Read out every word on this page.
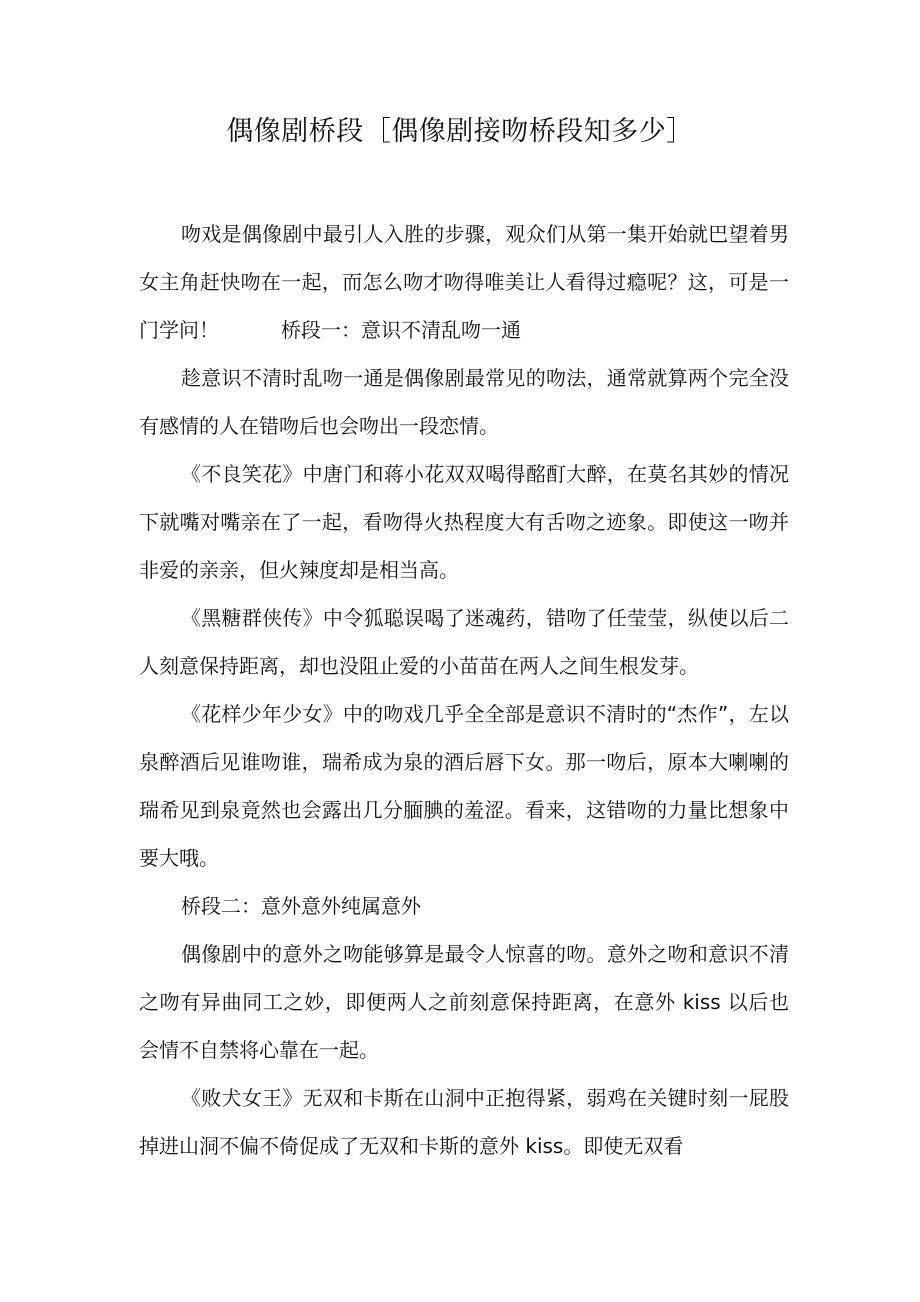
偶像剧桥段［偶像剧接吻桥段知多少］

吻戏是偶像剧中最引人入胜的步骤，观众们从第一集开始就巴望着男女主角赶快吻在一起，而怎么吻才吻得唯美让人看得过瘾呢？这，可是一门学问！	桥段一：意识不清乱吻一通

趁意识不清时乱吻一通是偶像剧最常见的吻法，通常就算两个完全没有感情的人在错吻后也会吻出一段恋情。

《不良笑花》中唐门和蒋小花双双喝得酩酊大醉，在莫名其妙的情况下就嘴对嘴亲在了一起，看吻得火热程度大有舌吻之迹象。即使这一吻并非爱的亲亲，但火辣度却是相当高。

《黑糖群侠传》中令狐聪误喝了迷魂药，错吻了任莹莹，纵使以后二人刻意保持距离，却也没阻止爱的小苗苗在两人之间生根发芽。

《花样少年少女》中的吻戏几乎全全部是意识不清时的“杰作”，左以泉醉酒后见谁吻谁，瑞希成为泉的酒后唇下女。那一吻后，原本大喇喇的瑞希见到泉竟然也会露出几分腼腆的羞涩。看来，这错吻的力量比想象中要大哦。

桥段二：意外意外纯属意外

偶像剧中的意外之吻能够算是最令人惊喜的吻。意外之吻和意识不清之吻有异曲同工之妙，即便两人之前刻意保持距离，在意外 kiss 以后也会情不自禁将心靠在一起。

《败犬女王》无双和卡斯在山洞中正抱得紧，弱鸡在关键时刻一屁股掉进山洞不偏不倚促成了无双和卡斯的意外 kiss。即使无双看
